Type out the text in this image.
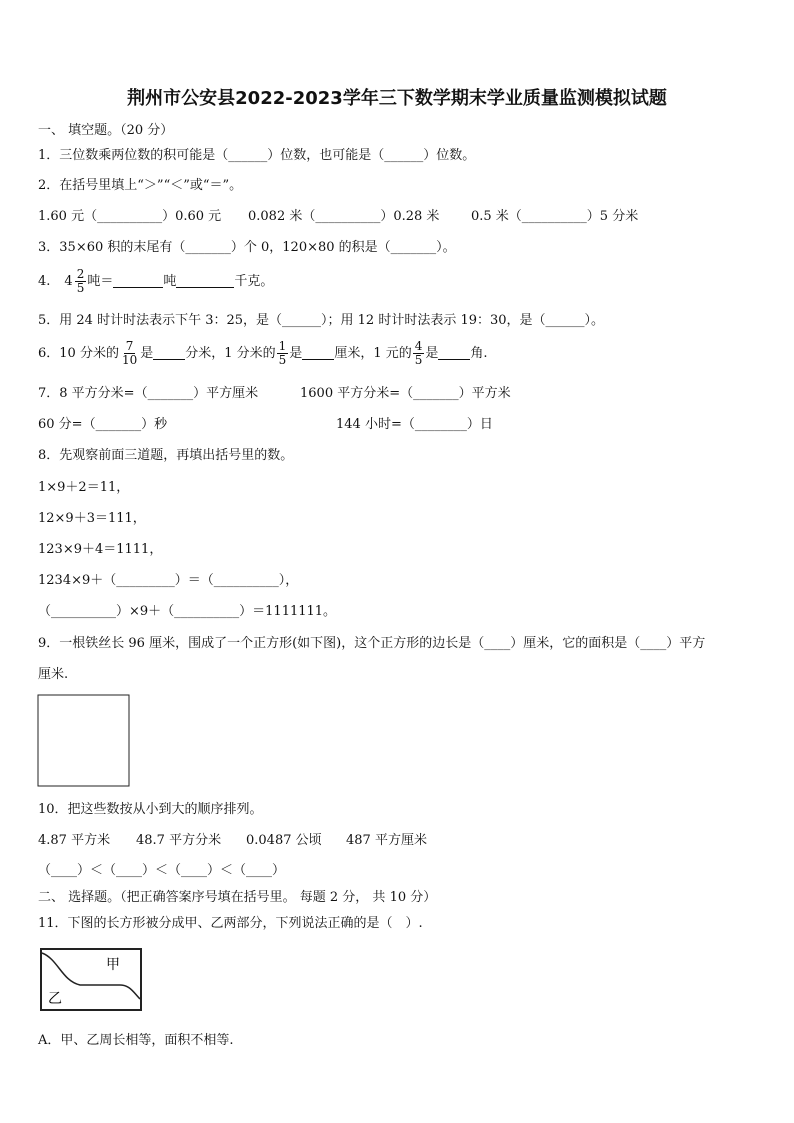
荆州市公安县2022-2023学年三下数学期末学业质量监测模拟试题
一、 填空题。（20 分）
1．三位数乘两位数的积可能是（______）位数，也可能是（______）位数。
2．在括号里填上“＞”“＜”或“＝”。
1.60 元（__________）0.60 元 0.082 米（__________）0.28 米 0.5 米（__________）5 分米
3．35×60 积的末尾有（_______）个 0，120×80 的积是（_______）。
4. $4 \frac{2}{5}$ 吨＝	吨	千克。
5．用 24 时计时法表示下午 3：25，是（______）；用 12 时计时法表示 19：30，是（______）。
6．10 分米的 $\frac{7}{10}$ 是 分米，1 分米的 $\frac{1}{5}$ 是 厘米，1 元的 $\frac{4}{5}$ 是 角.
7．8 平方分米=（_______）平方厘米	1600 平方分米=（_______）平方米
60 分=（_______）秒	144 小时=（________）日
8．先观察前面三道题，再填出括号里的数。
1×9＋2＝11，
12×9＋3＝111，
123×9＋4＝1111，
1234×9＋（_________）＝（__________），
（__________）×9＋（__________）＝1111111。
9．一根铁丝长 96 厘米，围成了一个正方形(如下图)，这个正方形的边长是（____）厘米，它的面积是（____）平方
厘米.
10．把这些数按从小到大的顺序排列。
4.87 平方米 48.7 平方分米 0.0487 公顷 487 平方厘米
（____）＜（____）＜（____）＜（____）
二、 选择题。（把正确答案序号填在括号里。 每题 2 分， 共 10 分）
11．下图的长方形被分成甲、乙两部分，下列说法正确的是（　）.
甲
乙
A．甲、乙周长相等，面积不相等.
